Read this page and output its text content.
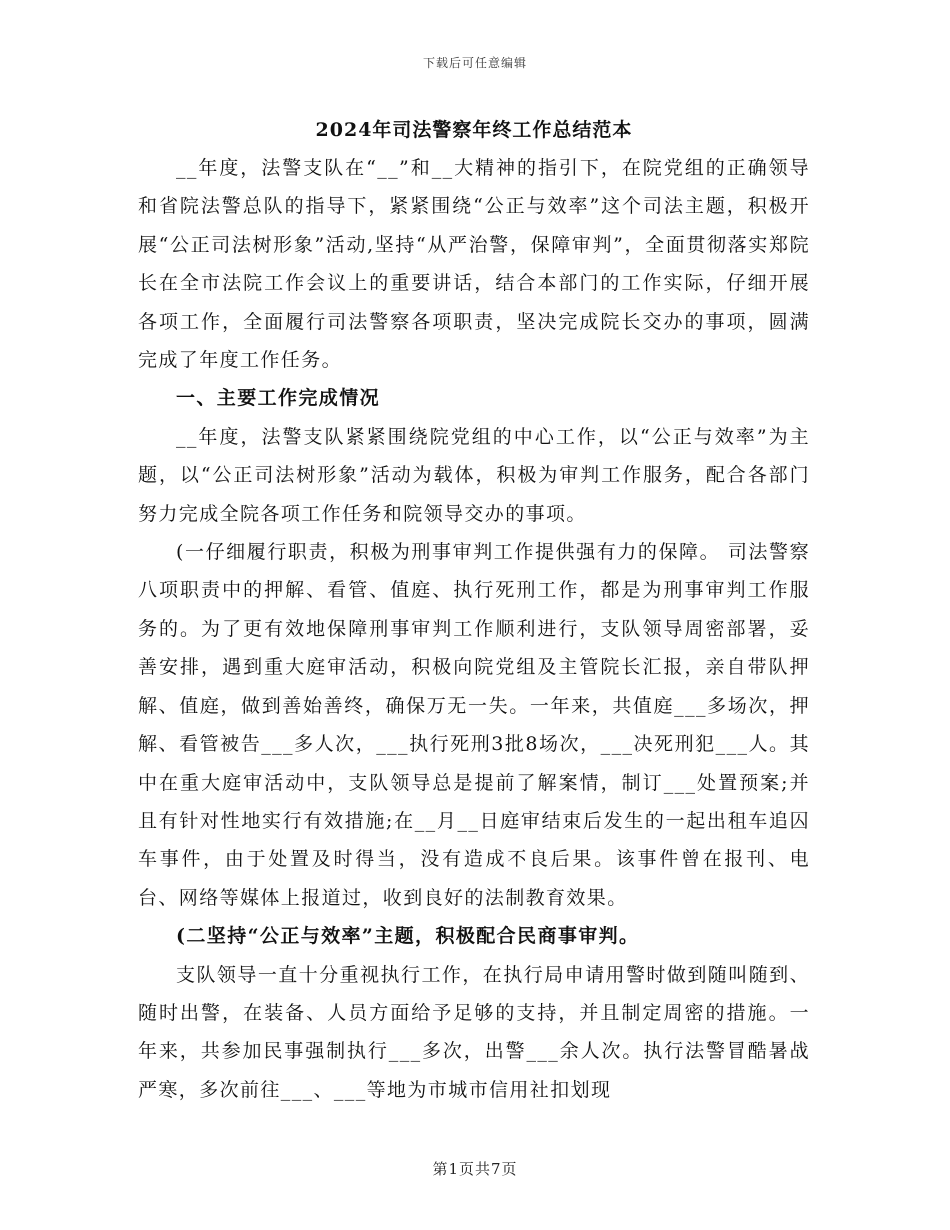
下载后可任意编辑
2024年司法警察年终工作总结范本

__年度，法警支队在“__”和__大精神的指引下，在院党组的正确领导和省院法警总队的指导下，紧紧围绕“公正与效率”这个司法主题，积极开展“公正司法树形象”活动,坚持“从严治警，保障审判”，全面贯彻落实郑院长在全市法院工作会议上的重要讲话，结合本部门的工作实际，仔细开展各项工作，全面履行司法警察各项职责，坚决完成院长交办的事项，圆满完成了年度工作任务。

一、主要工作完成情况

__年度，法警支队紧紧围绕院党组的中心工作，以“公正与效率”为主题，以“公正司法树形象”活动为载体，积极为审判工作服务，配合各部门努力完成全院各项工作任务和院领导交办的事项。

(一仔细履行职责，积极为刑事审判工作提供强有力的保障。 司法警察八项职责中的押解、看管、值庭、执行死刑工作，都是为刑事审判工作服务的。为了更有效地保障刑事审判工作顺利进行，支队领导周密部署，妥善安排，遇到重大庭审活动，积极向院党组及主管院长汇报，亲自带队押解、值庭，做到善始善终，确保万无一失。一年来，共值庭___多场次，押解、看管被告___多人次，___执行死刑3批8场次，___决死刑犯___人。其中在重大庭审活动中，支队领导总是提前了解案情，制订___处置预案;并且有针对性地实行有效措施;在__月__日庭审结束后发生的一起出租车追囚车事件，由于处置及时得当，没有造成不良后果。该事件曾在报刊、电台、网络等媒体上报道过，收到良好的法制教育效果。

(二坚持“公正与效率”主题，积极配合民商事审判。

支队领导一直十分重视执行工作，在执行局申请用警时做到随叫随到、随时出警，在装备、人员方面给予足够的支持，并且制定周密的措施。一年来，共参加民事强制执行___多次，出警___余人次。执行法警冒酷暑战严寒，多次前往___、___等地为市城市信用社扣划现

第1页共7页
